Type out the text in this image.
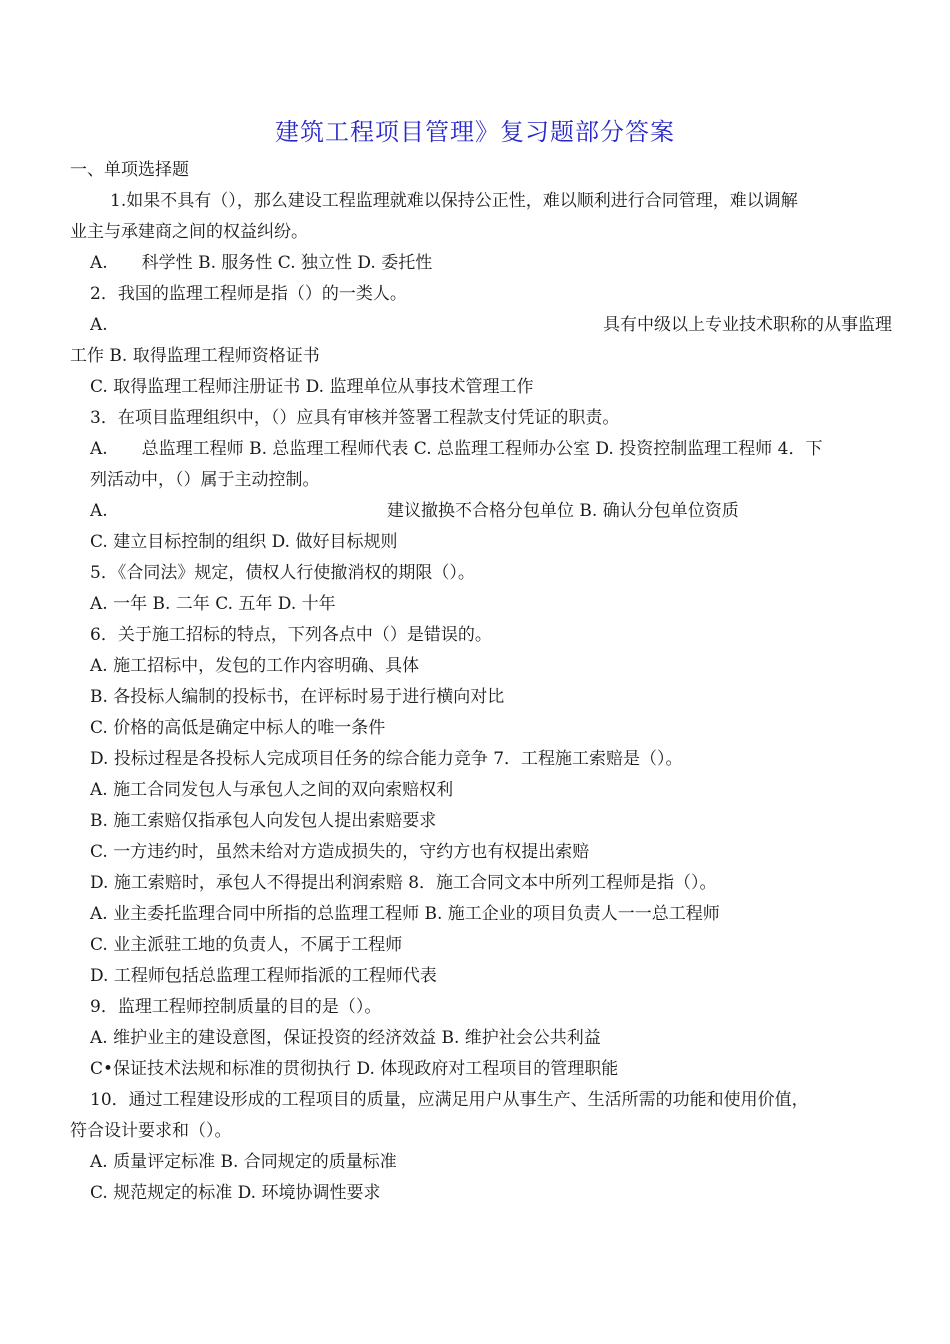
建筑工程项目管理》复习题部分答案
一、单项选择题
1.如果不具有（），那么建设工程监理就难以保持公正性，难以顺利进行合同管理，难以调解
业主与承建商之间的权益纠纷。
A.　　科学性 B. 服务性 C. 独立性 D. 委托性
2．我国的监理工程师是指（）的一类人。
A.	具有中级以上专业技术职称的从事监理
工作 B. 取得监理工程师资格证书
C. 取得监理工程师注册证书 D. 监理单位从事技术管理工作
3．在项目监理组织中，（）应具有审核并签署工程款支付凭证的职责。
A.　　总监理工程师 B. 总监理工程师代表 C. 总监理工程师办公室 D. 投资控制监理工程师 4．下
列活动中，（）属于主动控制。
A.	建议撤换不合格分包单位 B. 确认分包单位资质
C. 建立目标控制的组织 D. 做好目标规则
5．《合同法》规定，债权人行使撤消权的期限（）。
A. 一年 B. 二年 C. 五年 D. 十年
6．关于施工招标的特点，下列各点中（）是错误的。
A. 施工招标中，发包的工作内容明确、具体
B. 各投标人编制的投标书，在评标时易于进行横向对比
C. 价格的高低是确定中标人的唯一条件
D. 投标过程是各投标人完成项目任务的综合能力竞争 7．工程施工索赔是（）。
A. 施工合同发包人与承包人之间的双向索赔权利
B. 施工索赔仅指承包人向发包人提出索赔要求
C. 一方违约时，虽然未给对方造成损失的，守约方也有权提出索赔
D. 施工索赔时，承包人不得提出利润索赔 8．施工合同文本中所列工程师是指（）。
A. 业主委托监理合同中所指的总监理工程师 B. 施工企业的项目负责人一一总工程师
C. 业主派驻工地的负责人，不属于工程师
D. 工程师包括总监理工程师指派的工程师代表
9．监理工程师控制质量的目的是（）。
A. 维护业主的建设意图，保证投资的经济效益 B. 维护社会公共利益
C•保证技术法规和标准的贯彻执行 D. 体现政府对工程项目的管理职能
10．通过工程建设形成的工程项目的质量，应满足用户从事生产、生活所需的功能和使用价值，
符合设计要求和（）。
A. 质量评定标准 B. 合同规定的质量标准
C. 规范规定的标准 D. 环境协调性要求
